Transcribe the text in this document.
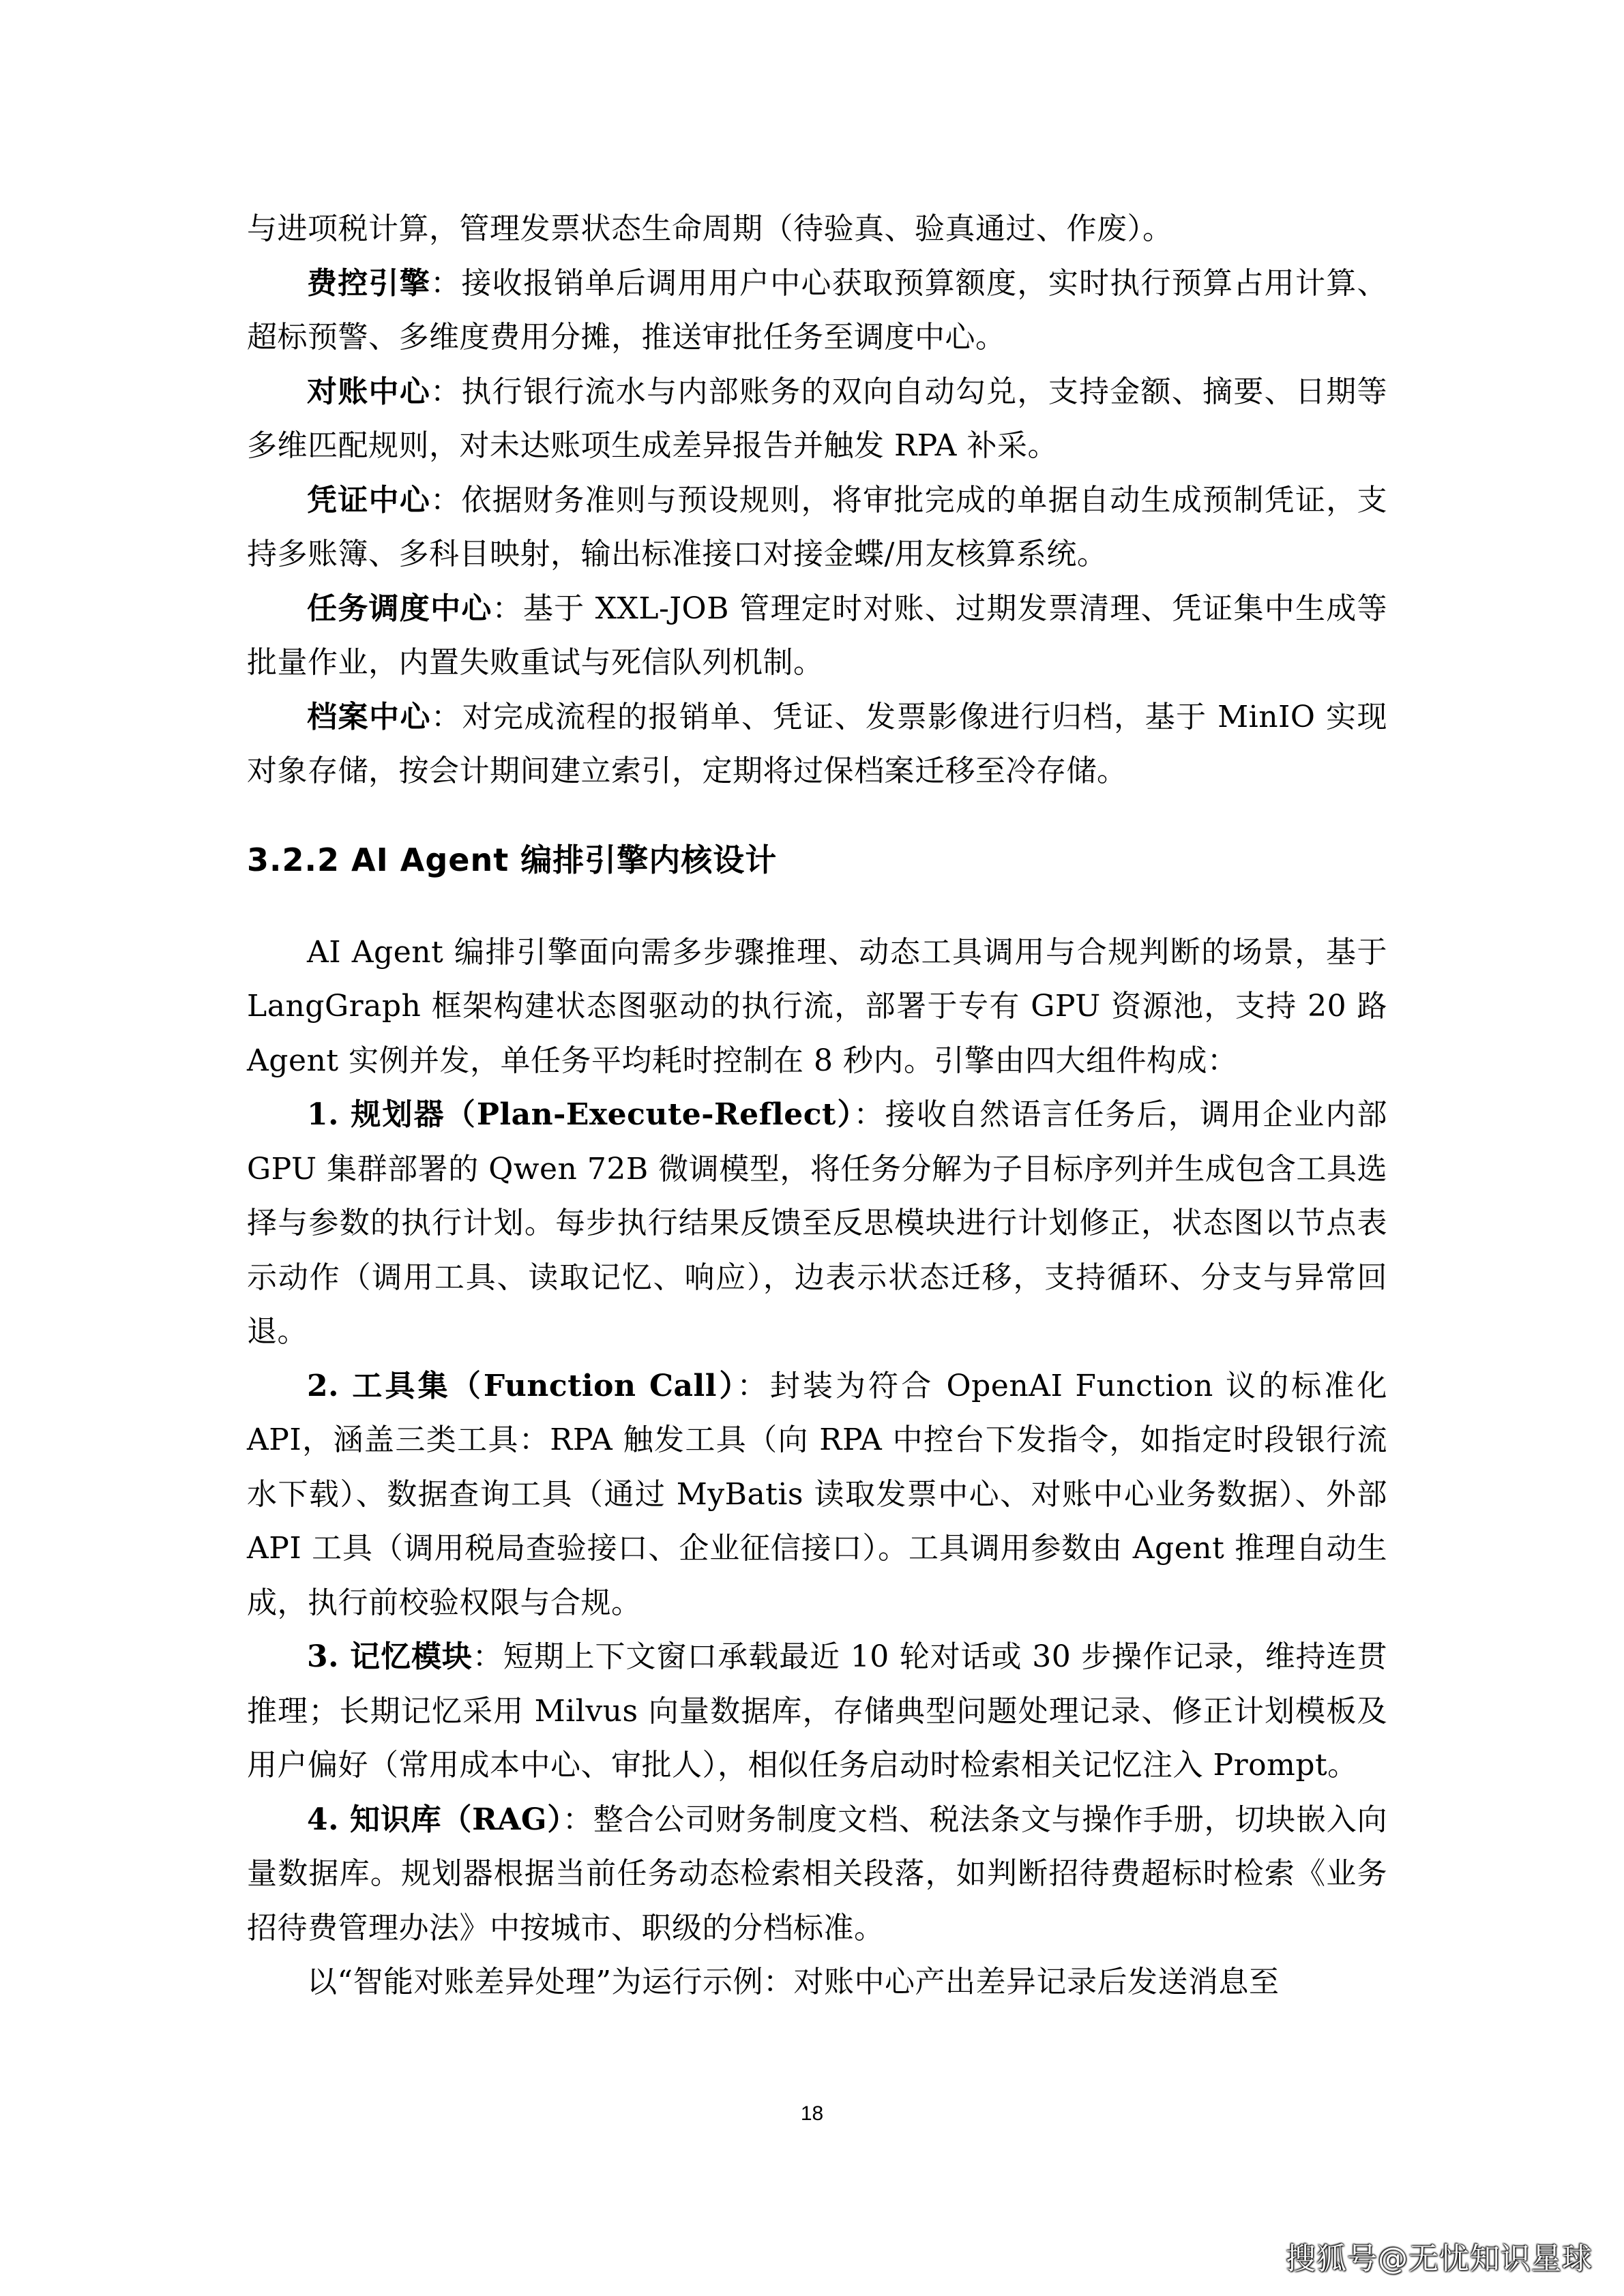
与进项税计算，管理发票状态生命周期（待验真、验真通过、作废）。

费控引擎：接收报销单后调用用户中心获取预算额度，实时执行预算占用计算、超标预警、多维度费用分摊，推送审批任务至调度中心。

对账中心：执行银行流水与内部账务的双向自动勾兑，支持金额、摘要、日期等多维匹配规则，对未达账项生成差异报告并触发 RPA 补采。

凭证中心：依据财务准则与预设规则，将审批完成的单据自动生成预制凭证，支持多账簿、多科目映射，输出标准接口对接金蝶/用友核算系统。

任务调度中心：基于 XXL-JOB 管理定时对账、过期发票清理、凭证集中生成等批量作业，内置失败重试与死信队列机制。

档案中心：对完成流程的报销单、凭证、发票影像进行归档，基于 MinIO 实现对象存储，按会计期间建立索引，定期将过保档案迁移至冷存储。

3.2.2 AI Agent 编排引擎内核设计

AI Agent 编排引擎面向需多步骤推理、动态工具调用与合规判断的场景，基于 LangGraph 框架构建状态图驱动的执行流，部署于专有 GPU 资源池，支持 20 路 Agent 实例并发，单任务平均耗时控制在 8 秒内。引擎由四大组件构成：

1. 规划器（Plan-Execute-Reflect）：接收自然语言任务后，调用企业内部 GPU 集群部署的 Qwen 72B 微调模型，将任务分解为子目标序列并生成包含工具选择与参数的执行计划。每步执行结果反馈至反思模块进行计划修正，状态图以节点表示动作（调用工具、读取记忆、响应），边表示状态迁移，支持循环、分支与异常回退。

2. 工具集（Function Call）：封装为符合 OpenAI Function 议的标准化 API，涵盖三类工具：RPA 触发工具（向 RPA 中控台下发指令，如指定时段银行流水下载）、数据查询工具（通过 MyBatis 读取发票中心、对账中心业务数据）、外部 API 工具（调用税局查验接口、企业征信接口）。工具调用参数由 Agent 推理自动生成，执行前校验权限与合规。

3. 记忆模块：短期上下文窗口承载最近 10 轮对话或 30 步操作记录，维持连贯推理；长期记忆采用 Milvus 向量数据库，存储典型问题处理记录、修正计划模板及用户偏好（常用成本中心、审批人），相似任务启动时检索相关记忆注入 Prompt。

4. 知识库（RAG）：整合公司财务制度文档、税法条文与操作手册，切块嵌入向量数据库。规划器根据当前任务动态检索相关段落，如判断招待费超标时检索《业务招待费管理办法》中按城市、职级的分档标准。

以“智能对账差异处理”为运行示例：对账中心产出差异记录后发送消息至

18
搜狐号@无忧知识星球
